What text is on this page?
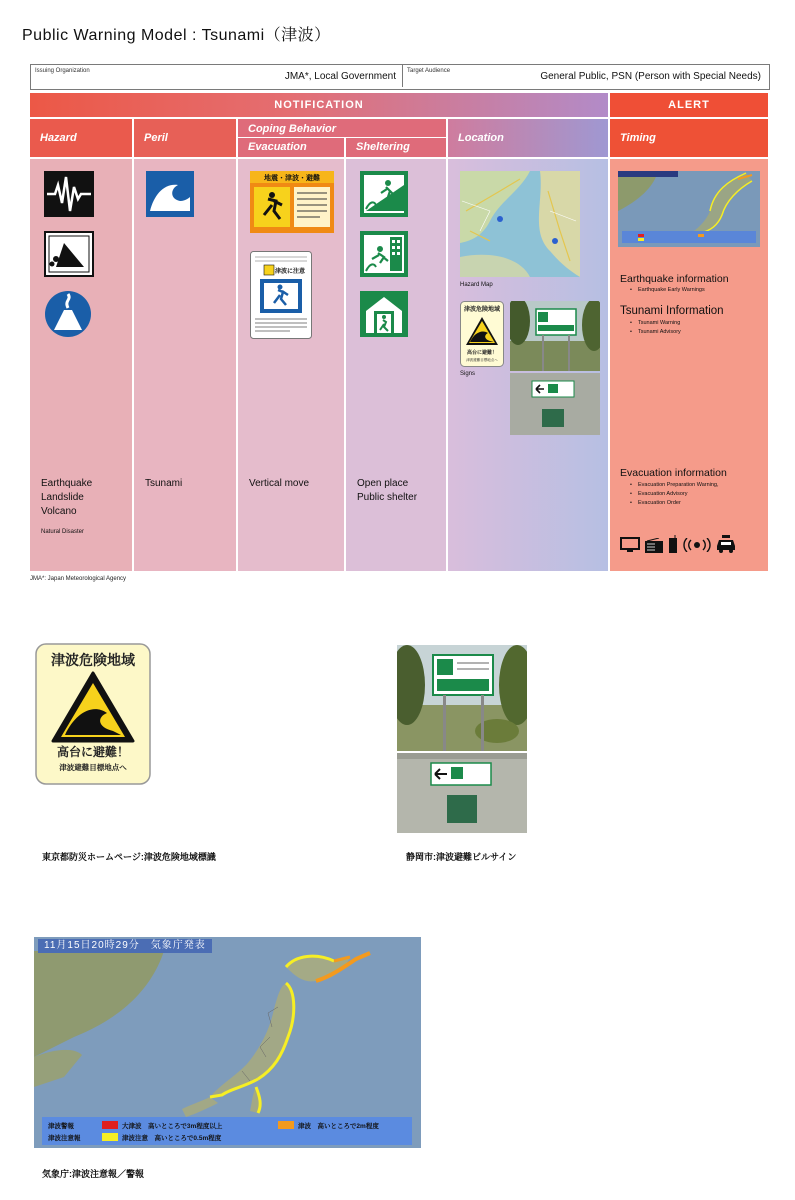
Public Warning Model : Tsunami（津波）
Issuing Organization	JMA*, Local Government Target Audience	General Public, PSN (Person with Special Needs)
NOTIFICATION	ALERT
Hazard	Peril
Coping Behavior
Evacuation	Sheltering
Location	Timing
Earthquake
Landslide
Volcano
Natural Disaster
Tsunami
地震・津波・避難
津波に注意
Vertical move	Open place
Public shelter
Hazard Map
津波危険地域
高台に避難！
津波避難目標地点へ
Signs
Earthquake information
• Earthquake Early Warnings
Tsunami Information
• Tsunami Warning
• Tsunami Advisory
Evacuation information
• Evacuation Preparation Warning,
• Evacuation Advisory
• Evacuation Order
JMA*: Japan Meteorological Agency
津波危険地域
高台に避難！
津波避難目標地点へ
東京都防災ホームページ:津波危険地域標識	静岡市:津波避難ビルサイン
11月15日20時29分　気象庁発表
津波警報	大津波　高いところで3m程度以上	津波　高いところで2m程度
津波注意報	津波注意　高いところで0.5m程度
気象庁:津波注意報／警報
